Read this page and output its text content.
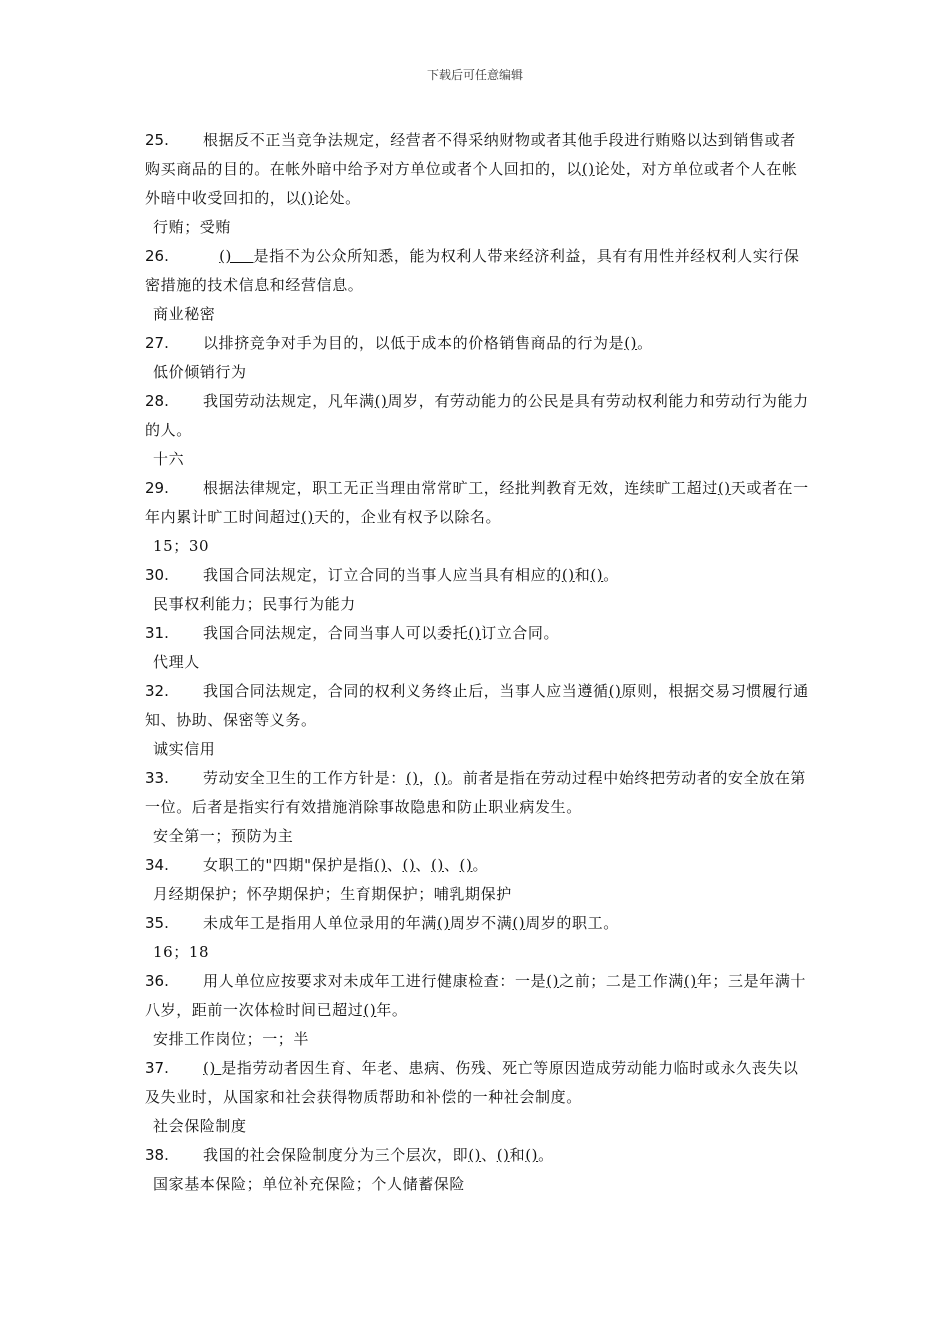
下载后可任意编辑
25. 根据反不正当竞争法规定，经营者不得采纳财物或者其他手段进行贿赂以达到销售或者购买商品的目的。在帐外暗中给予对方单位或者个人回扣的，以()论处，对方单位或者个人在帐外暗中收受回扣的，以()论处。
行贿；受贿
26.	()    是指不为公众所知悉，能为权利人带来经济利益，具有有用性并经权利人实行保密措施的技术信息和经营信息。
商业秘密
27. 以排挤竞争对手为目的，以低于成本的价格销售商品的行为是()。
低价倾销行为
28. 我国劳动法规定，凡年满()周岁，有劳动能力的公民是具有劳动权利能力和劳动行为能力的人。
十六
29. 根据法律规定，职工无正当理由常常旷工，经批判教育无效，连续旷工超过()天或者在一年内累计旷工时间超过()天的，企业有权予以除名。
15；30
30. 我国合同法规定，订立合同的当事人应当具有相应的()和()。
民事权利能力；民事行为能力
31. 我国合同法规定，合同当事人可以委托()订立合同。
代理人
32. 我国合同法规定，合同的权利义务终止后，当事人应当遵循()原则，根据交易习惯履行通知、协助、保密等义务。
诚实信用
33. 劳动安全卫生的工作方针是：()，()。前者是指在劳动过程中始终把劳动者的安全放在第一位。后者是指实行有效措施消除事故隐患和防止职业病发生。
安全第一；预防为主
34. 女职工的"四期"保护是指()、()、()、()。
月经期保护；怀孕期保护；生育期保护；哺乳期保护
35. 未成年工是指用人单位录用的年满()周岁不满()周岁的职工。
16；18
36. 用人单位应按要求对未成年工进行健康检查：一是()之前；二是工作满()年；三是年满十八岁，距前一次体检时间已超过()年。
安排工作岗位；一；半
37. () 是指劳动者因生育、年老、患病、伤残、死亡等原因造成劳动能力临时或永久丧失以及失业时，从国家和社会获得物质帮助和补偿的一种社会制度。
社会保险制度
38. 我国的社会保险制度分为三个层次，即()、()和()。
国家基本保险；单位补充保险；个人储蓄保险
